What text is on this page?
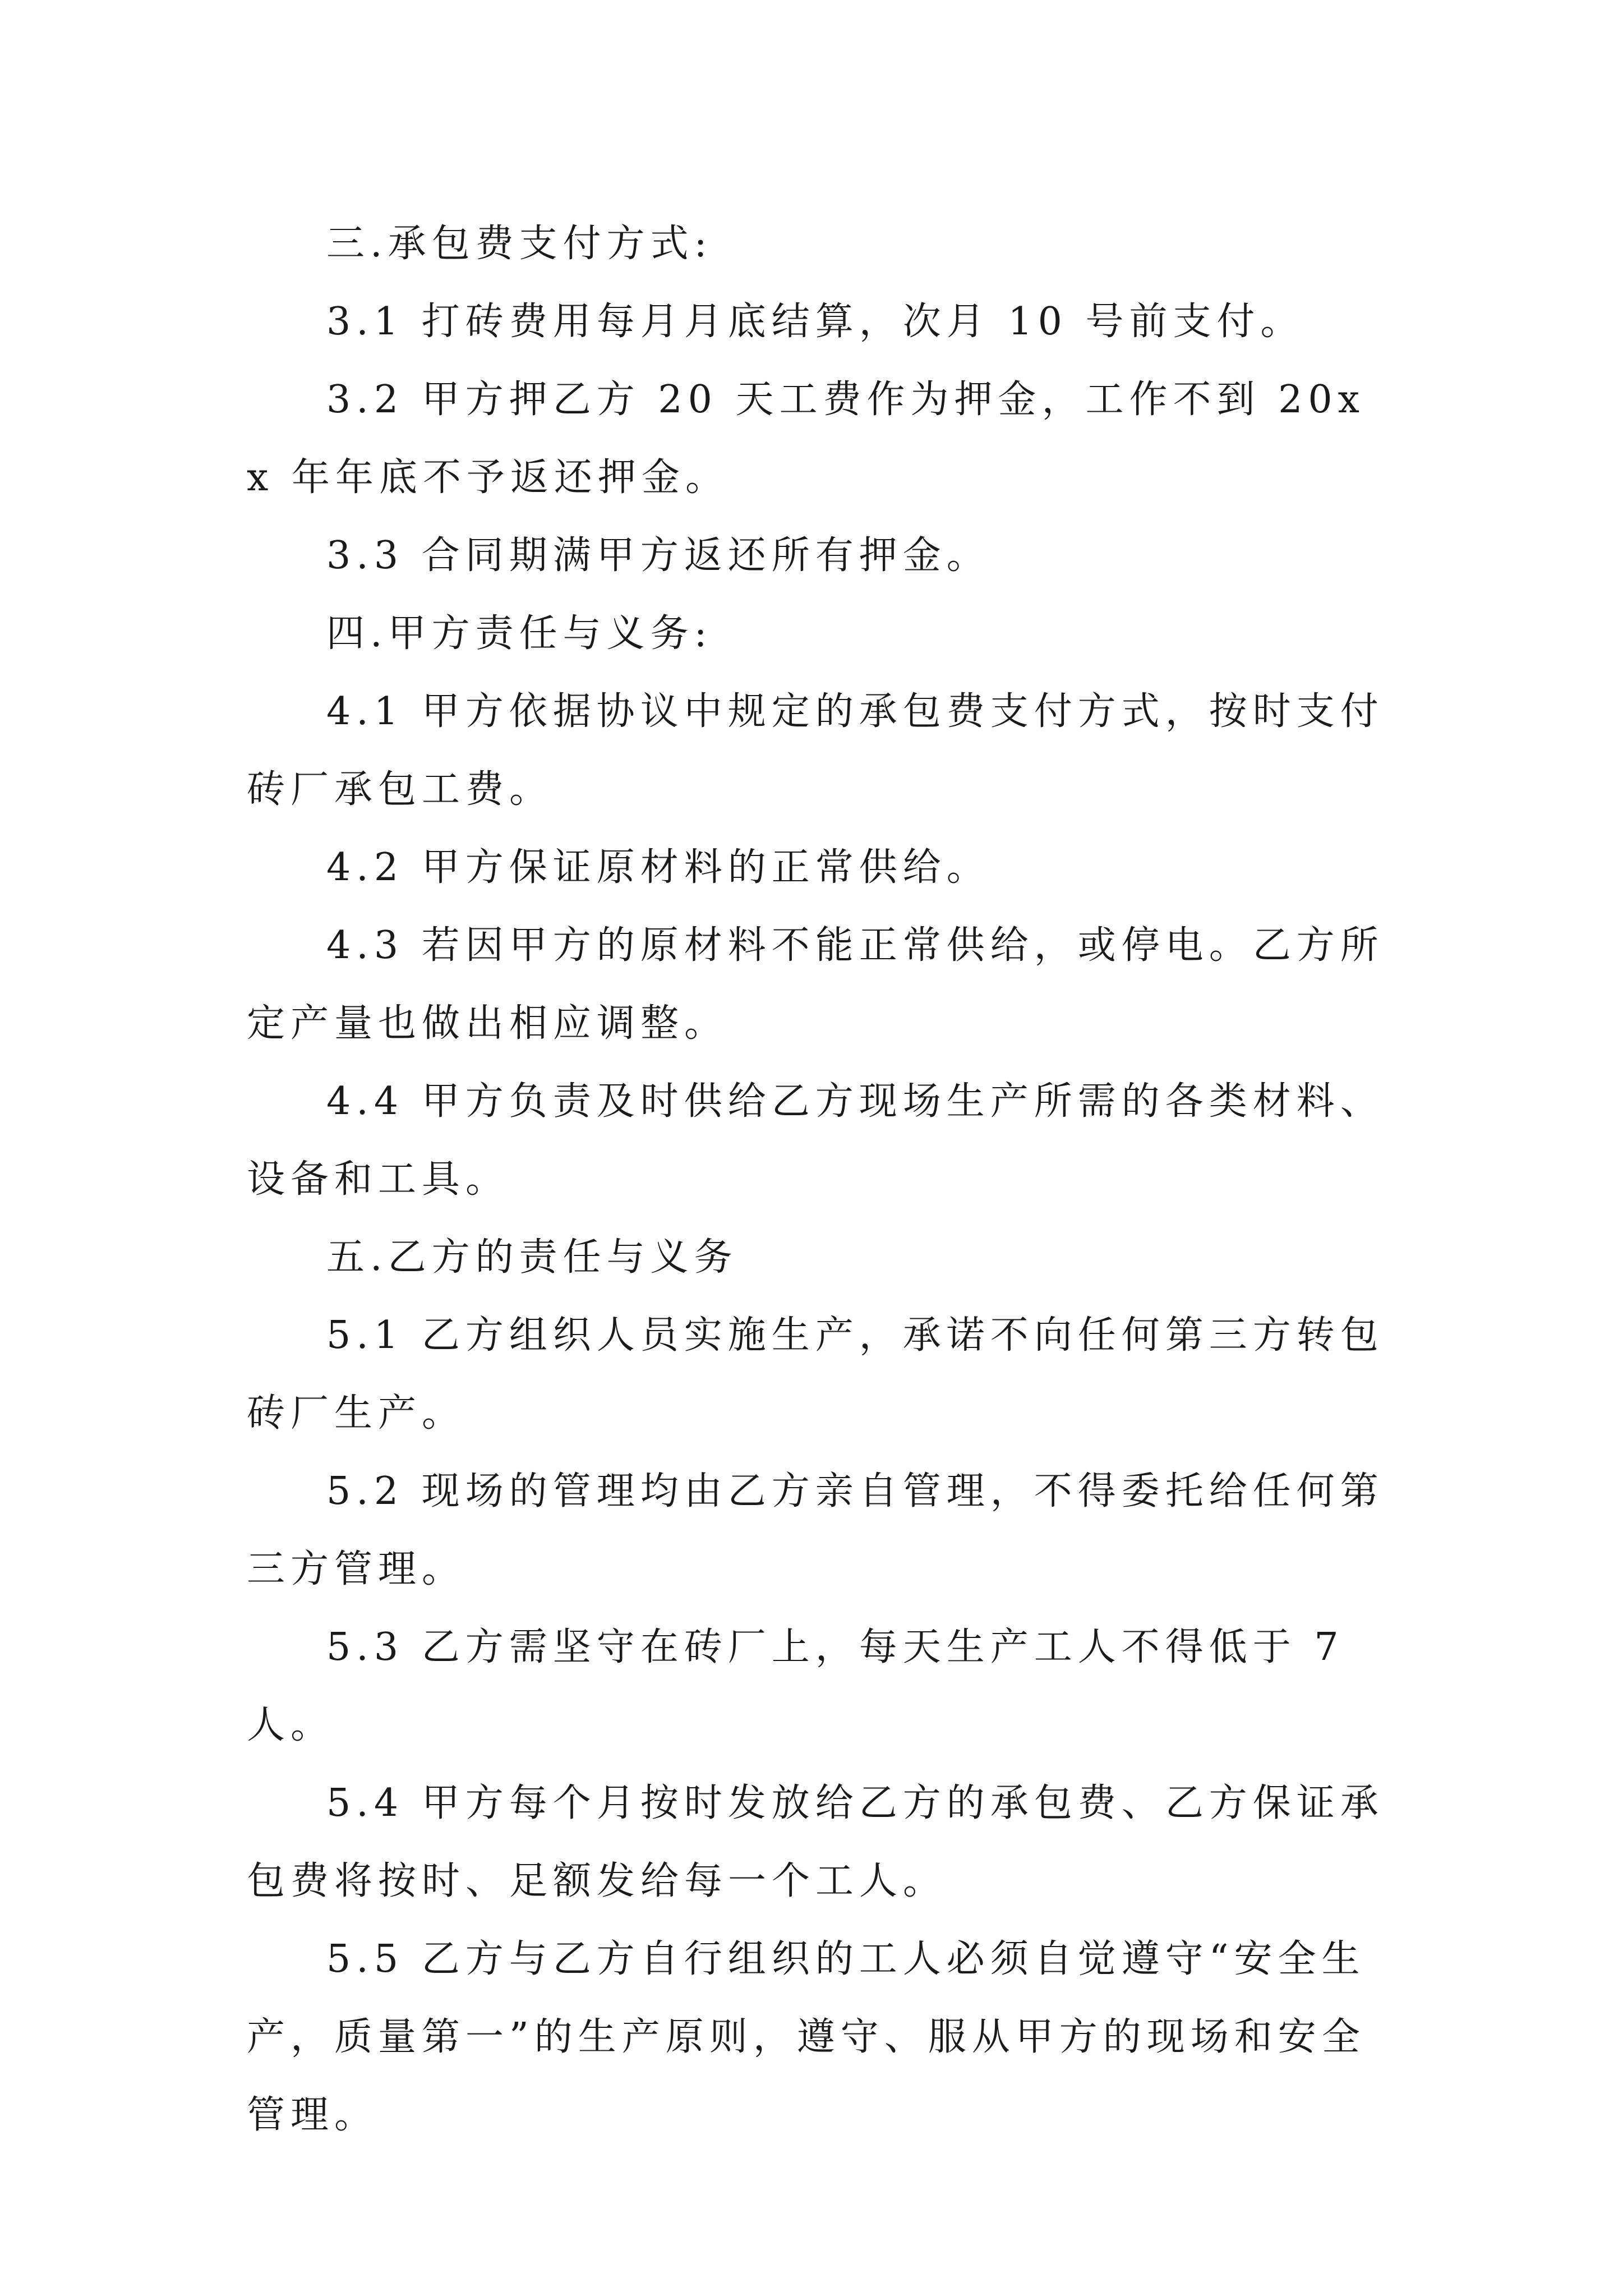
三.承包费支付方式:

3.1 打砖费用每月月底结算，次月 10 号前支付。

3.2 甲方押乙方 20 天工费作为押金，工作不到 20xx 年年底不予返还押金。

3.3 合同期满甲方返还所有押金。

四.甲方责任与义务:

4.1 甲方依据协议中规定的承包费支付方式，按时支付砖厂承包工费。

4.2 甲方保证原材料的正常供给。

4.3 若因甲方的原材料不能正常供给，或停电。乙方所定产量也做出相应调整。

4.4 甲方负责及时供给乙方现场生产所需的各类材料、设备和工具。

五.乙方的责任与义务

5.1 乙方组织人员实施生产，承诺不向任何第三方转包砖厂生产。

5.2 现场的管理均由乙方亲自管理，不得委托给任何第三方管理。

5.3 乙方需坚守在砖厂上，每天生产工人不得低于 7 人。

5.4 甲方每个月按时发放给乙方的承包费、乙方保证承包费将按时、足额发给每一个工人。

5.5 乙方与乙方自行组织的工人必须自觉遵守“安全生产，质量第一”的生产原则，遵守、服从甲方的现场和安全管理。
